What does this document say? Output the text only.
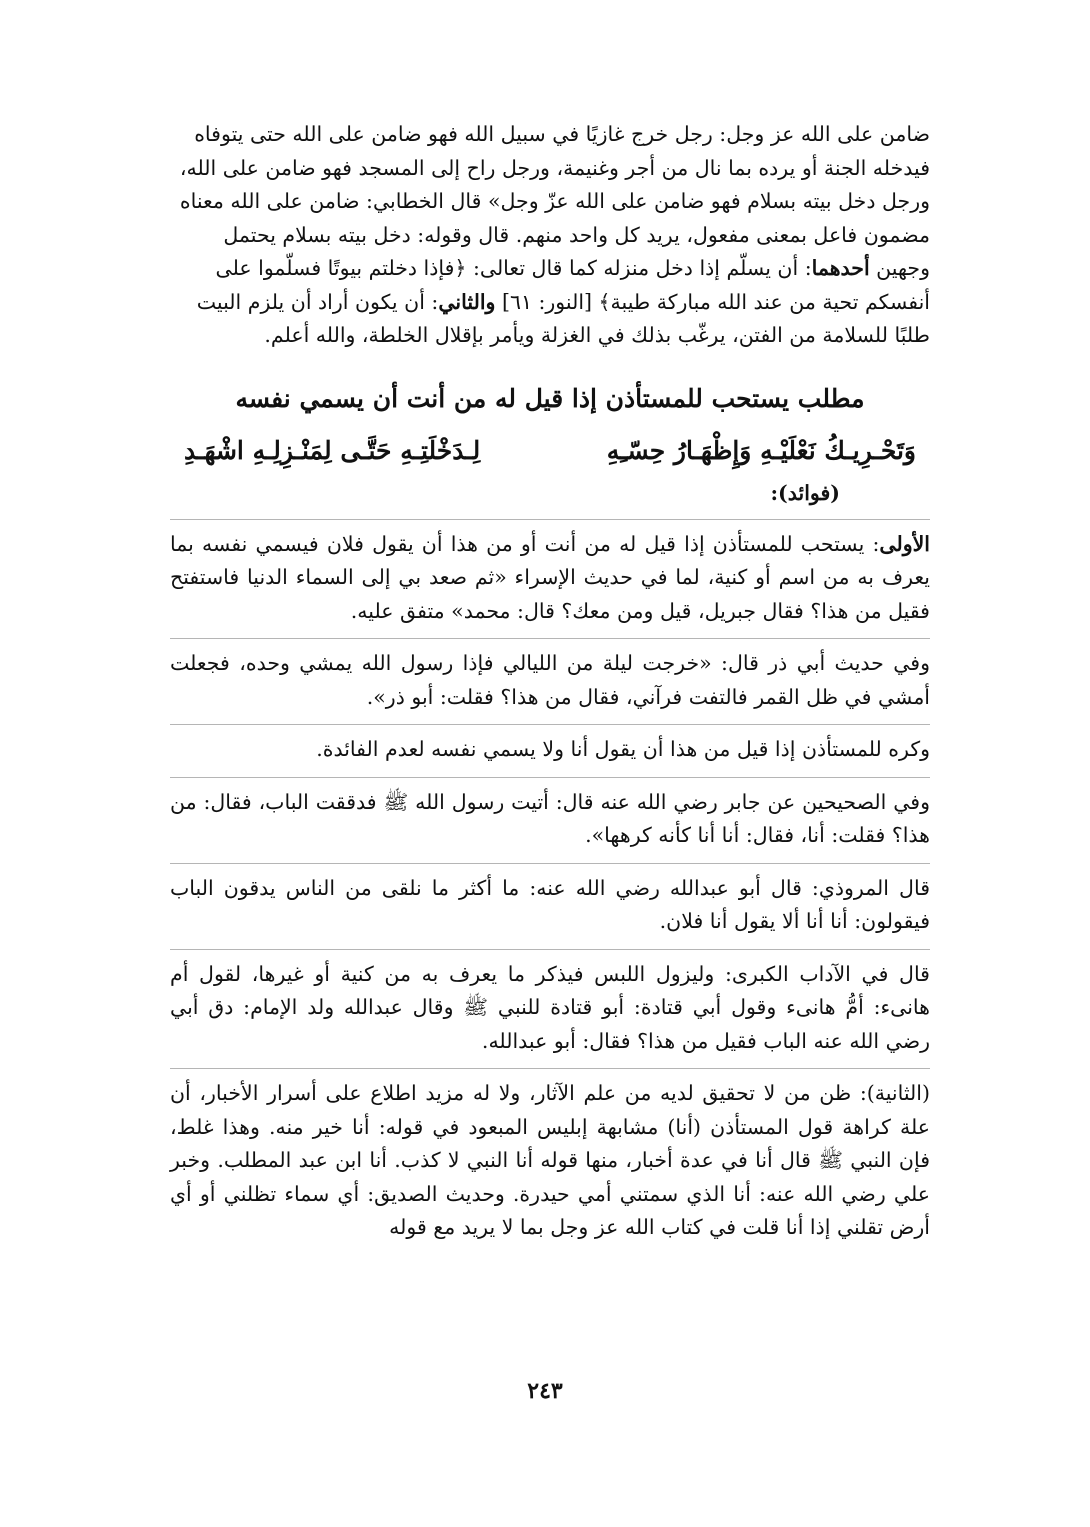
ضامن على الله عز وجل: رجل خرج غازيًا في سبيل الله فهو ضامن على الله حتى يتوفاه

فيدخله الجنة أو يرده بما نال من أجر وغنيمة، ورجل راح إلى المسجد فهو ضامن على الله،

ورجل دخل بيته بسلام فهو ضامن على الله عزّ وجل» قال الخطابي: ضامن على الله معناه

مضمون فاعل بمعنى مفعول، يريد كل واحد منهم. قال وقوله: دخل بيته بسلام يحتمل

وجهين أحدهما: أن يسلّم إذا دخل منزله كما قال تعالى: ﴿فإذا دخلتم بيوتًا فسلّموا على

أنفسكم تحية من عند الله مباركة طيبة﴾ [النور: ٦١] والثاني: أن يكون أراد أن يلزم البيت

طلبًا للسلامة من الفتن، يرغّب بذلك في الغزلة ويأمر بإقلال الخلطة، والله أعلم.

مطلب يستحب للمستأذن إذا قيل له من أنت أن يسمي نفسه
وَتَحْـرِيـكُ نَعْلَيْـهِ وَإِظْهَـارُ حِسّـِهِ
لِـدَخْلَتِـهِ حَتَّـى لِمَنْـزِلِـهِ اشْهَـدِ
(فوائد):

الأولى: يستحب للمستأذن إذا قيل له من أنت أو من هذا أن يقول فلان فيسمي نفسه بما يعرف به من اسم أو كنية، لما في حديث الإسراء «ثم صعد بي إلى السماء الدنيا فاستفتح فقيل من هذا؟ فقال جبريل، قيل ومن معك؟ قال: محمد» متفق عليه.

وفي حديث أبي ذر قال: «خرجت ليلة من الليالي فإذا رسول الله يمشي وحده، فجعلت أمشي في ظل القمر فالتفت فرآني، فقال من هذا؟ فقلت: أبو ذر».

وكره للمستأذن إذا قيل من هذا أن يقول أنا ولا يسمي نفسه لعدم الفائدة.

وفي الصحيحين عن جابر رضي الله عنه قال: أتيت رسول الله ﷺ فدققت الباب، فقال: من هذا؟ فقلت: أنا، فقال: أنا أنا كأنه كرهها».

قال المروذي: قال أبو عبدالله رضي الله عنه: ما أكثر ما نلقى من الناس يدقون الباب فيقولون: أنا أنا ألا يقول أنا فلان.

قال في الآداب الكبرى: وليزول اللبس فيذكر ما يعرف به من كنية أو غيرها، لقول أم هانىء: أمُّ هانىء وقول أبي قتادة: أبو قتادة للنبي ﷺ وقال عبدالله ولد الإمام: دق أبي رضي الله عنه الباب فقيل من هذا؟ فقال: أبو عبدالله.

(الثانية): ظن من لا تحقيق لديه من علم الآثار، ولا له مزيد اطلاع على أسرار الأخبار، أن علة كراهة قول المستأذن (أنا) مشابهة إبليس المبعود في قوله: أنا خير منه. وهذا غلط، فإن النبي ﷺ قال أنا في عدة أخبار، منها قوله أنا النبي لا كذب. أنا ابن عبد المطلب. وخبر علي رضي الله عنه: أنا الذي سمتني أمي حيدرة. وحديث الصديق: أي سماء تظلني أو أي أرض تقلني إذا أنا قلت في كتاب الله عز وجل بما لا يريد مع قوله

٢٤٣
